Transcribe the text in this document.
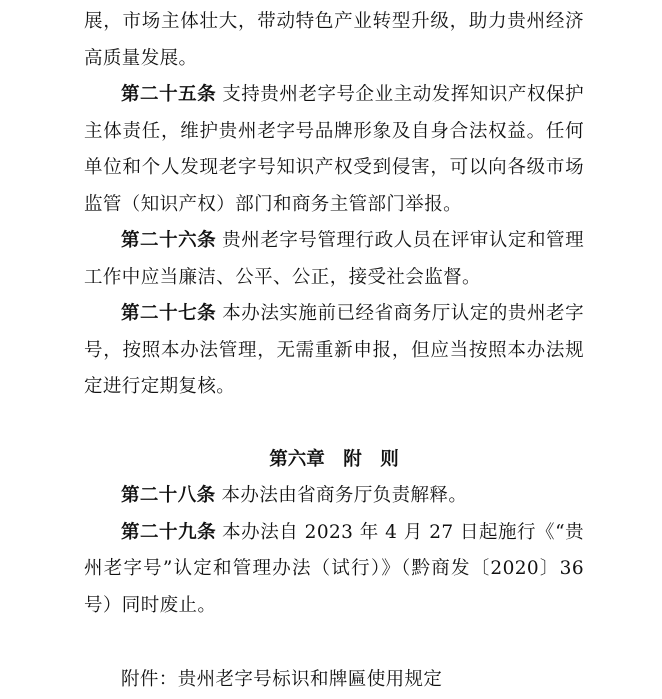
展，市场主体壮大，带动特色产业转型升级，助力贵州经济高质量发展。

第二十五条 支持贵州老字号企业主动发挥知识产权保护主体责任，维护贵州老字号品牌形象及自身合法权益。任何单位和个人发现老字号知识产权受到侵害，可以向各级市场监管（知识产权）部门和商务主管部门举报。

第二十六条 贵州老字号管理行政人员在评审认定和管理工作中应当廉洁、公平、公正，接受社会监督。

第二十七条 本办法实施前已经省商务厅认定的贵州老字号，按照本办法管理，无需重新申报，但应当按照本办法规定进行定期复核。

第六章　附　则

第二十八条 本办法由省商务厅负责解释。

第二十九条 本办法自 2023 年 4 月 27 日起施行《“贵州老字号”认定和管理办法（试行）》（黔商发〔2020〕36 号）同时废止。

附件：贵州老字号标识和牌匾使用规定
